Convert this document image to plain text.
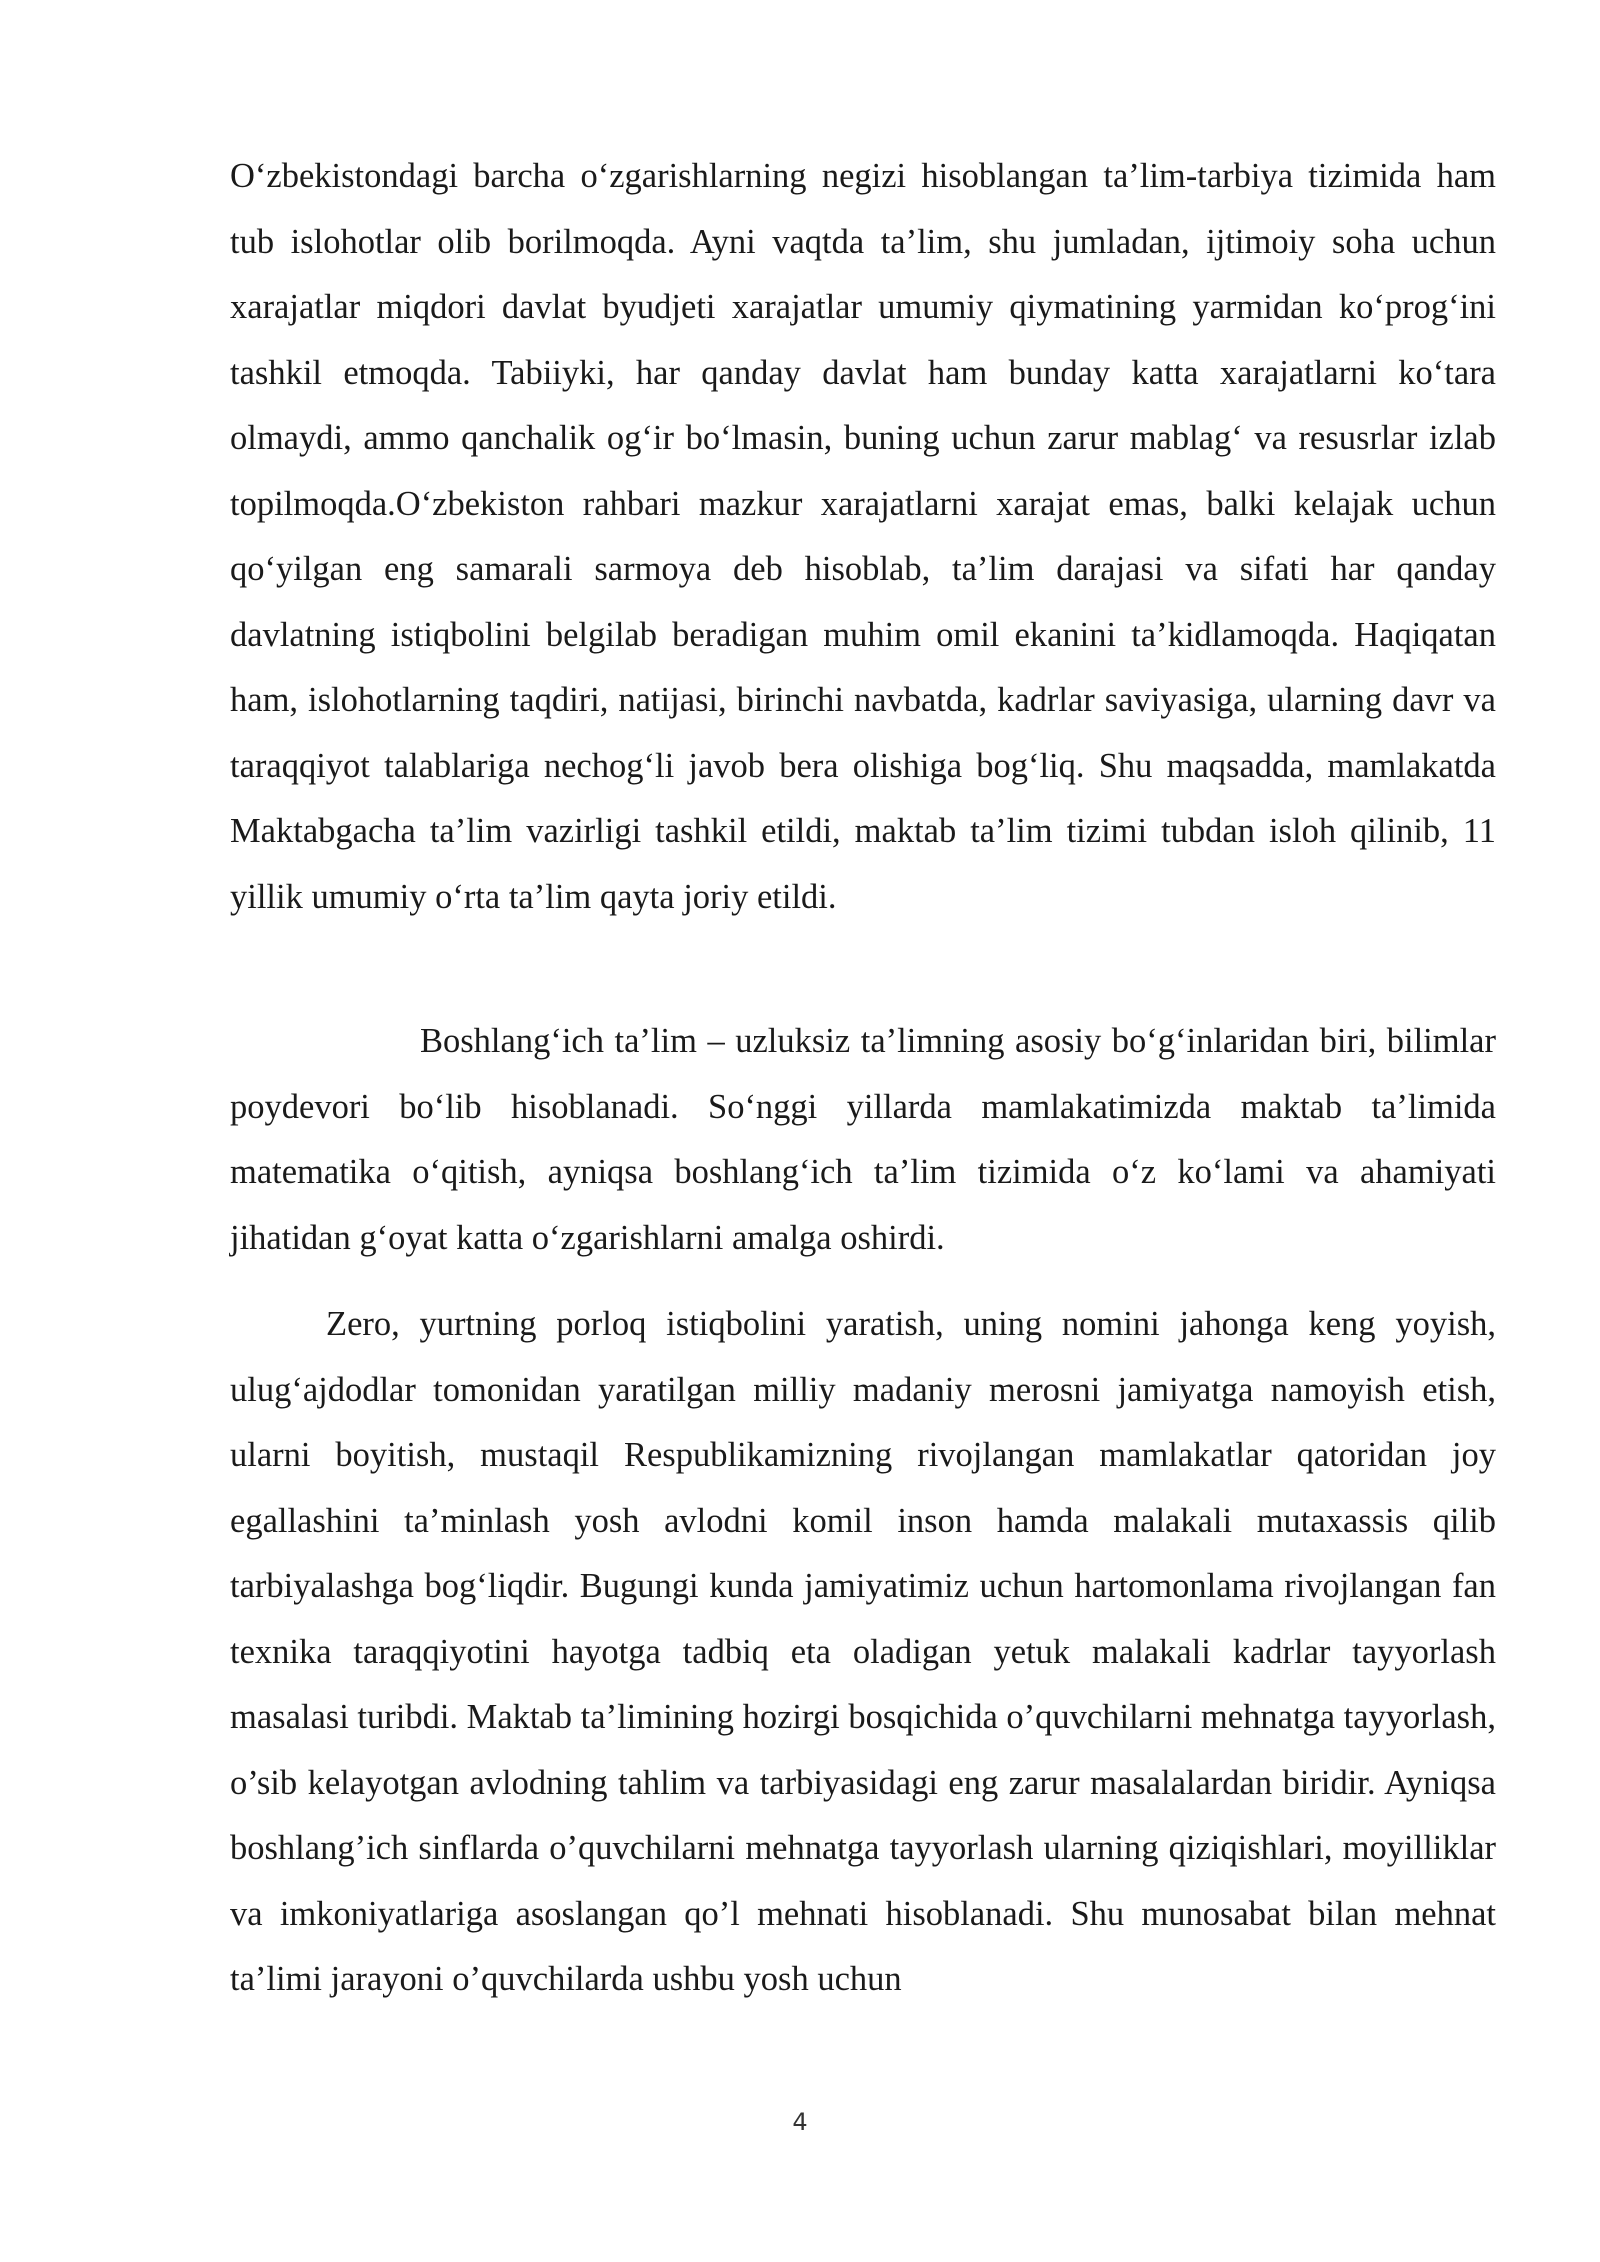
O‘zbekistondagi barcha o‘zgarishlarning negizi hisoblangan ta’lim-tarbiya tizimida ham tub islohotlar olib borilmoqda. Ayni vaqtda ta’lim, shu jumladan, ijtimoiy soha uchun xarajatlar miqdori davlat byudjeti xarajatlar umumiy qiymatining yarmidan ko‘prog‘ini tashkil etmoqda. Tabiiyki, har qanday davlat ham bunday katta xarajatlarni ko‘tara olmaydi, ammo qanchalik og‘ir bo‘lmasin, buning uchun zarur mablag‘ va resusrlar izlab topilmoqda.O‘zbekiston rahbari mazkur xarajatlarni xarajat emas, balki kelajak uchun qo‘yilgan eng samarali sarmoya deb hisoblab, ta’lim darajasi va sifati har qanday davlatning istiqbolini belgilab beradigan muhim omil ekanini ta’kidlamoqda. Haqiqatan ham, islohotlarning taqdiri, natijasi, birinchi navbatda, kadrlar saviyasiga, ularning davr va taraqqiyot talablariga nechog‘li javob bera olishiga bog‘liq. Shu maqsadda, mamlakatda Maktabgacha ta’lim vazirligi tashkil etildi, maktab ta’lim tizimi tubdan isloh qilinib, 11 yillik umumiy o‘rta ta’lim qayta joriy etildi.

Boshlang‘ich ta’lim – uzluksiz ta’limning asosiy bo‘g‘inlaridan biri, bilimlar poydevori bo‘lib hisoblanadi. So‘nggi yillarda mamlakatimizda maktab ta’limida matematika o‘qitish, ayniqsa boshlang‘ich ta’lim tizimida o‘z ko‘lami va ahamiyati jihatidan g‘oyat katta o‘zgarishlarni amalga oshirdi.

Zero, yurtning porloq istiqbolini yaratish, uning nomini jahonga keng yoyish, ulug‘ajdodlar tomonidan yaratilgan milliy madaniy merosni jamiyatga namoyish etish, ularni boyitish, mustaqil Respublikamizning rivojlangan mamlakatlar qatoridan joy egallashini ta’minlash yosh avlodni komil inson hamda malakali mutaxassis qilib tarbiyalashga bog‘liqdir. Bugungi kunda jamiyatimiz uchun hartomonlama rivojlangan fan texnika taraqqiyotini hayotga tadbiq eta oladigan yetuk malakali kadrlar tayyorlash masalasi turibdi. Maktab ta’limining hozirgi bosqichida o’quvchilarni mehnatga tayyorlash, o’sib kelayotgan avlodning tahlim va tarbiyasidagi eng zarur masalalardan biridir. Ayniqsa boshlang’ich sinflarda o’quvchilarni mehnatga tayyorlash ularning qiziqishlari, moyilliklar va imkoniyatlariga asoslangan qo’l mehnati hisoblanadi. Shu munosabat bilan mehnat ta’limi jarayoni o’quvchilarda ushbu yosh uchun

4
